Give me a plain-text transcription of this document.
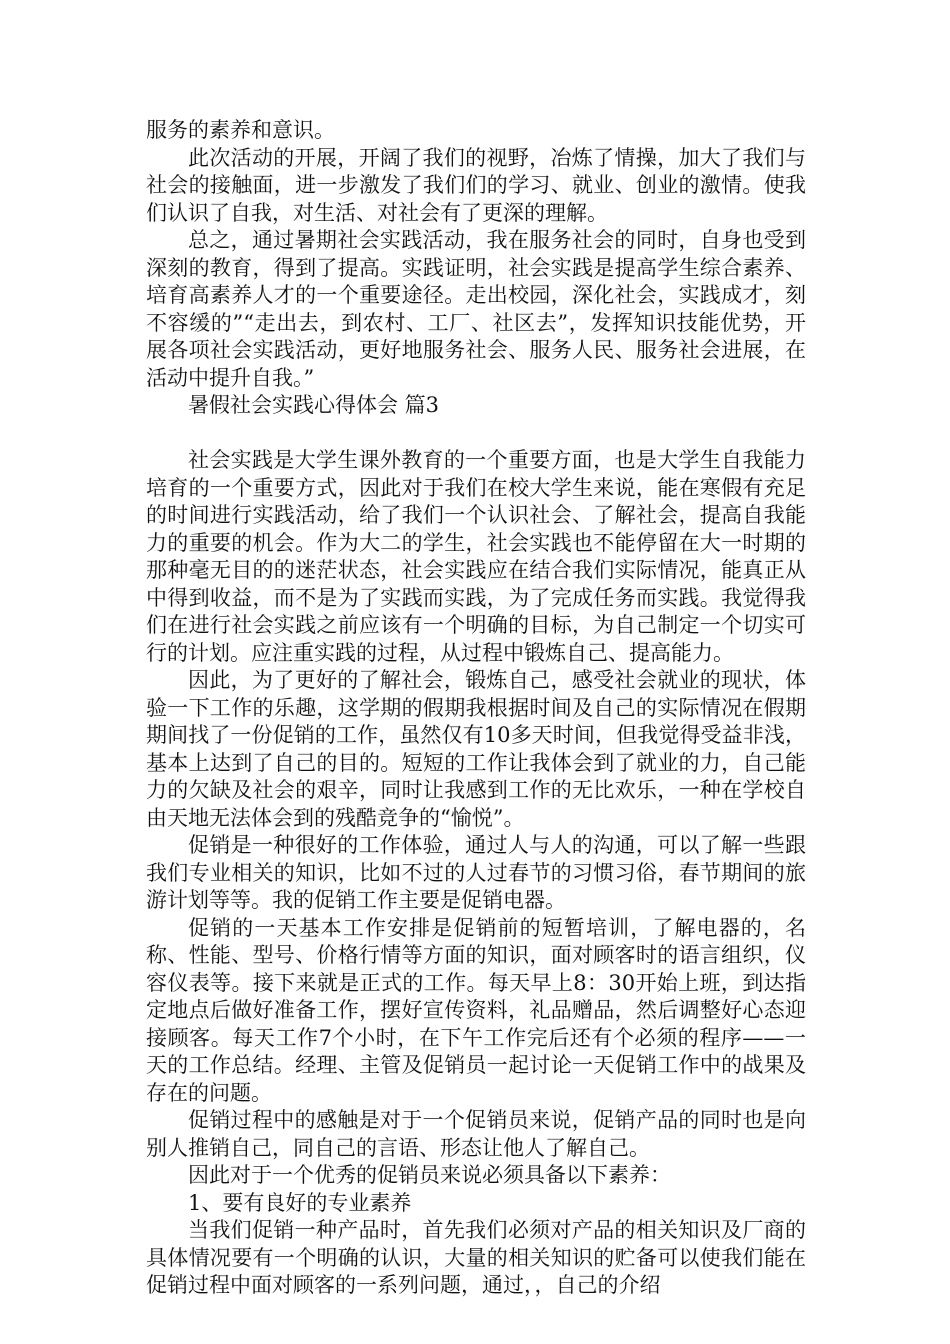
服务的素养和意识。

此次活动的开展，开阔了我们的视野，冶炼了情操，加大了我们与社会的接触面，进一步激发了我们们的学习、就业、创业的激情。使我们认识了自我，对生活、对社会有了更深的理解。

总之，通过暑期社会实践活动，我在服务社会的同时，自身也受到深刻的教育，得到了提高。实践证明，社会实践是提高学生综合素养、培育高素养人才的一个重要途径。走出校园，深化社会，实践成才，刻不容缓的”“走出去，到农村、工厂、社区去”，发挥知识技能优势，开展各项社会实践活动，更好地服务社会、服务人民、服务社会进展，在活动中提升自我。”

暑假社会实践心得体会 篇3

社会实践是大学生课外教育的一个重要方面，也是大学生自我能力培育的一个重要方式，因此对于我们在校大学生来说，能在寒假有充足的时间进行实践活动，给了我们一个认识社会、了解社会，提高自我能力的重要的机会。作为大二的学生，社会实践也不能停留在大一时期的那种毫无目的的迷茫状态，社会实践应在结合我们实际情况，能真正从中得到收益，而不是为了实践而实践，为了完成任务而实践。我觉得我们在进行社会实践之前应该有一个明确的目标，为自己制定一个切实可行的计划。应注重实践的过程，从过程中锻炼自己、提高能力。

因此，为了更好的了解社会，锻炼自己，感受社会就业的现状，体验一下工作的乐趣，这学期的假期我根据时间及自己的实际情况在假期期间找了一份促销的工作，虽然仅有10多天时间，但我觉得受益非浅，基本上达到了自己的目的。短短的工作让我体会到了就业的力，自己能力的欠缺及社会的艰辛，同时让我感到工作的无比欢乐，一种在学校自由天地无法体会到的残酷竞争的“愉悦”。

促销是一种很好的工作体验，通过人与人的沟通，可以了解一些跟我们专业相关的知识，比如不过的人过春节的习惯习俗，春节期间的旅游计划等等。我的促销工作主要是促销电器。

促销的一天基本工作安排是促销前的短暂培训，了解电器的，名称、性能、型号、价格行情等方面的知识，面对顾客时的语言组织，仪容仪表等。接下来就是正式的工作。每天早上8：30开始上班，到达指定地点后做好准备工作，摆好宣传资料，礼品赠品，然后调整好心态迎接顾客。每天工作7个小时，在下午工作完后还有个必须的程序——一天的工作总结。经理、主管及促销员一起讨论一天促销工作中的战果及存在的问题。

促销过程中的感触是对于一个促销员来说，促销产品的同时也是向别人推销自己，同自己的言语、形态让他人了解自己。

因此对于一个优秀的促销员来说必须具备以下素养：

1、要有良好的专业素养

当我们促销一种产品时，首先我们必须对产品的相关知识及厂商的具体情况要有一个明确的认识，大量的相关知识的贮备可以使我们能在促销过程中面对顾客的一系列问题，通过，，自己的介绍
